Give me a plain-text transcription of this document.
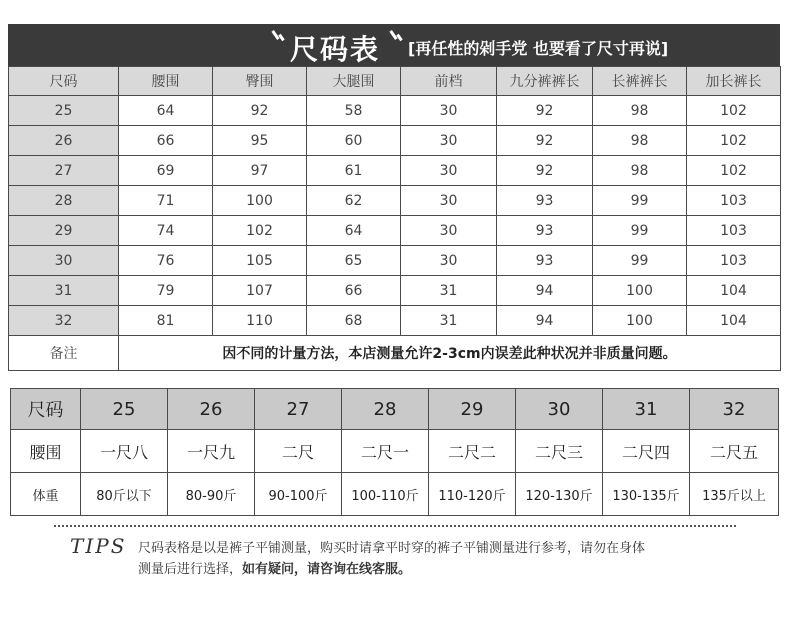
尺码表 [再任性的剁手党 也要看了尺寸再说]
尺码	腰围	臀围	大腿围	前档	九分裤裤长	长裤裤长	加长裤长
25	64	92	58	30	92	98	102
26	66	95	60	30	92	98	102
27	69	97	61	30	92	98	102
28	71	100	62	30	93	99	103
29	74	102	64	30	93	99	103
30	76	105	65	30	93	99	103
31	79	107	66	31	94	100	104
32	81	110	68	31	94	100	104
备注	因不同的计量方法，本店测量允许2-3cm内误差此种状况并非质量问题。						
尺码	25	26	27	28	29	30	31	32
腰围	一尺八	一尺九	二尺	二尺一	二尺二	二尺三	二尺四	二尺五
体重	80斤以下	80-90斤	90-100斤	100-110斤	110-120斤	120-130斤	130-135斤	135斤以上
TIPS 尺码表格是以是裤子平铺测量，购买时请拿平时穿的裤子平铺测量进行参考，请勿在身体
测量后进行选择，如有疑问，请咨询在线客服。
